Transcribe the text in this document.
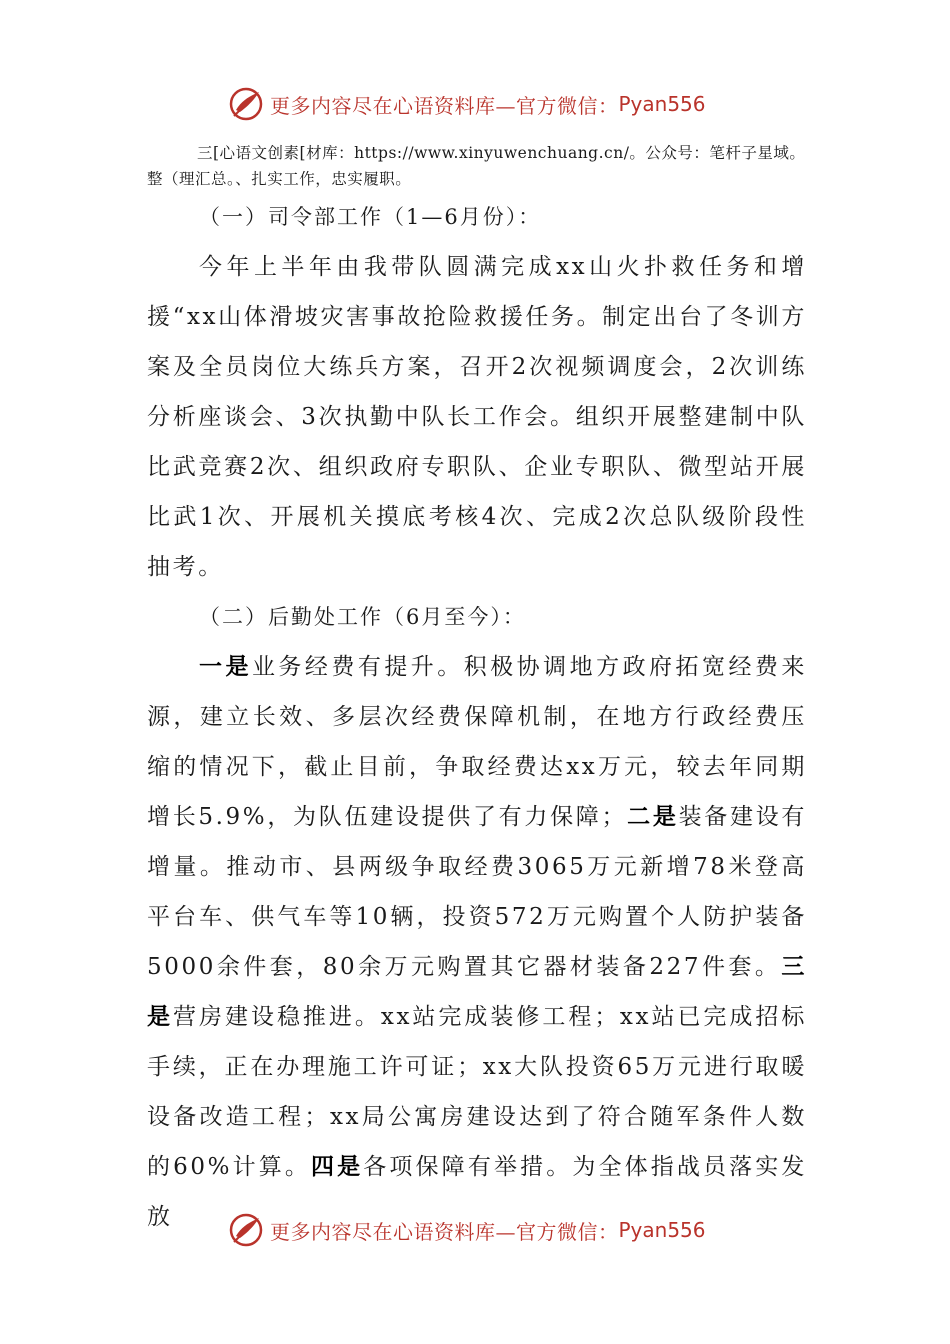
更多内容尽在心语资料库—官方微信： Pyan556

三[心语文创素[材库：https://www.xinyuwenchuang.cn/。公众号：笔杆子星域。整（理汇总。、扎实工作，忠实履职。

（一）司令部工作（1—6月份）：

今年上半年由我带队圆满完成xx山火扑救任务和增援“xx山体滑坡灾害事故抢险救援任务。制定出台了冬训方案及全员岗位大练兵方案，召开2次视频调度会，2次训练分析座谈会、3次执勤中队长工作会。组织开展整建制中队比武竞赛2次、组织政府专职队、企业专职队、微型站开展比武1次、开展机关摸底考核4次、完成2次总队级阶段性抽考。

（二）后勤处工作（6月至今）：

一是业务经费有提升。积极协调地方政府拓宽经费来源，建立长效、多层次经费保障机制，在地方行政经费压缩的情况下，截止目前，争取经费达xx万元，较去年同期增长5.9%，为队伍建设提供了有力保障；二是装备建设有增量。推动市、县两级争取经费3065万元新增78米登高平台车、供气车等10辆，投资572万元购置个人防护装备5000余件套，80余万元购置其它器材装备227件套。三是营房建设稳推进。xx站完成装修工程；xx站已完成招标手续，正在办理施工许可证；xx大队投资65万元进行取暖设备改造工程；xx局公寓房建设达到了符合随军条件人数的60%计算。四是各项保障有举措。为全体指战员落实发放

更多内容尽在心语资料库—官方微信： Pyan556
